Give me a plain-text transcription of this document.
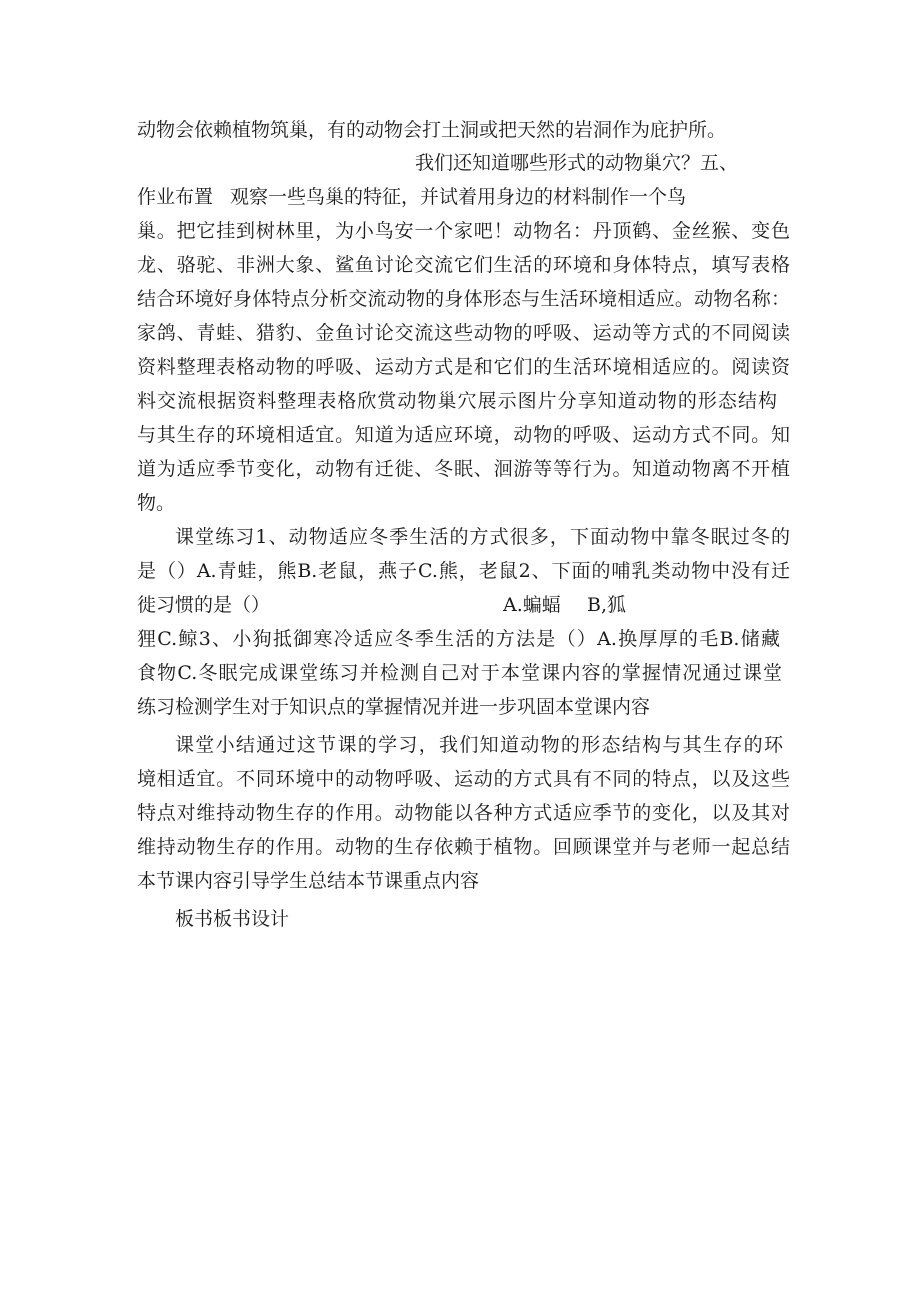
动物会依赖植物筑巢，有的动物会打土洞或把天然的岩洞作为庇护所。
我们还知道哪些形式的动物巢穴？五、
作业布置 观察一些鸟巢的特征，并试着用身边的材料制作一个鸟
巢。把它挂到树林里，为小鸟安一个家吧！动物名：丹顶鹤、金丝猴、变色
龙、骆驼、非洲大象、鲨鱼讨论交流它们生活的环境和身体特点，填写表格
结合环境好身体特点分析交流动物的身体形态与生活环境相适应。动物名称：
家鸽、青蛙、猎豹、金鱼讨论交流这些动物的呼吸、运动等方式的不同阅读
资料整理表格动物的呼吸、运动方式是和它们的生活环境相适应的。阅读资
料交流根据资料整理表格欣赏动物巢穴展示图片分享知道动物的形态结构
与其生存的环境相适宜。知道为适应环境，动物的呼吸、运动方式不同。知
道为适应季节变化，动物有迁徙、冬眠、洄游等等行为。知道动物离不开植
物。
课堂练习1、动物适应冬季生活的方式很多，下面动物中靠冬眠过冬的
是（）A.青蛙，熊B.老鼠，燕子C.熊，老鼠2、下面的哺乳类动物中没有迁
徙习惯的是（）	A.蝙蝠 B,狐
狸C.鲸3、小狗抵御寒冷适应冬季生活的方法是（）A.换厚厚的毛B.储藏
食物C.冬眠完成课堂练习并检测自己对于本堂课内容的掌握情况通过课堂
练习检测学生对于知识点的掌握情况并进一步巩固本堂课内容
课堂小结通过这节课的学习，我们知道动物的形态结构与其生存的环
境相适宜。不同环境中的动物呼吸、运动的方式具有不同的特点，以及这些
特点对维持动物生存的作用。动物能以各种方式适应季节的变化，以及其对
维持动物生存的作用。动物的生存依赖于植物。回顾课堂并与老师一起总结
本节课内容引导学生总结本节课重点内容
板书板书设计
